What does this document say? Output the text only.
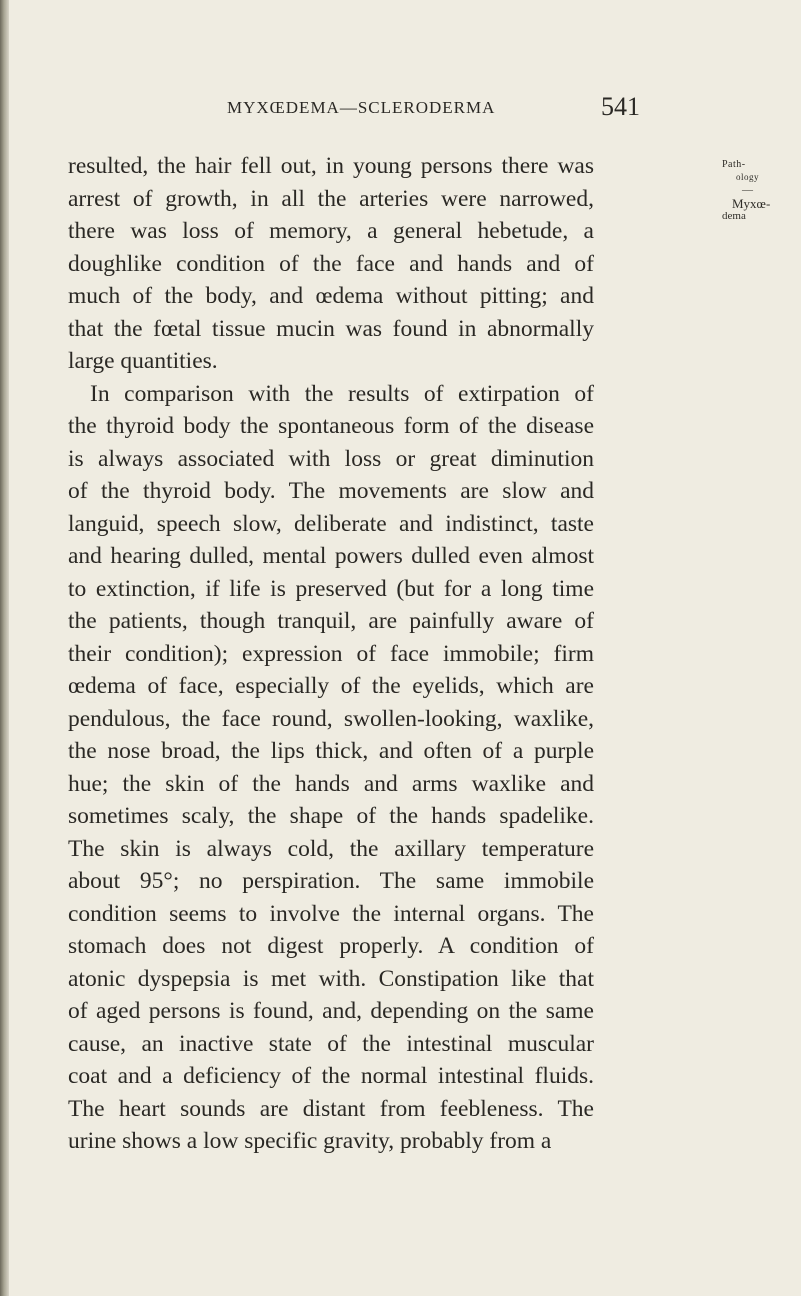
MYXŒDEMA—SCLERODERMA	541
Path-
ology
—
Myxœ-
dema
resulted, the hair fell out, in young persons there was
arrest of growth, in all the arteries were narrowed,
there was loss of memory, a general hebetude, a
doughlike condition of the face and hands and of
much of the body, and œdema without pitting; and
that the fœtal tissue mucin was found in abnormally
large quantities.
In comparison with the results of extirpation of
the thyroid body the spontaneous form of the disease
is always associated with loss or great diminution
of the thyroid body. The movements are slow and
languid, speech slow, deliberate and indistinct, taste
and hearing dulled, mental powers dulled even almost
to extinction, if life is preserved (but for a long time
the patients, though tranquil, are painfully aware of
their condition); expression of face immobile; firm
œdema of face, especially of the eyelids, which are
pendulous, the face round, swollen-looking, waxlike,
the nose broad, the lips thick, and often of a purple
hue; the skin of the hands and arms waxlike and
sometimes scaly, the shape of the hands spadelike.
The skin is always cold, the axillary temperature
about 95°; no perspiration. The same immobile
condition seems to involve the internal organs. The
stomach does not digest properly. A condition of
atonic dyspepsia is met with. Constipation like that
of aged persons is found, and, depending on the same
cause, an inactive state of the intestinal muscular
coat and a deficiency of the normal intestinal fluids.
The heart sounds are distant from feebleness. The
urine shows a low specific gravity, probably from a
